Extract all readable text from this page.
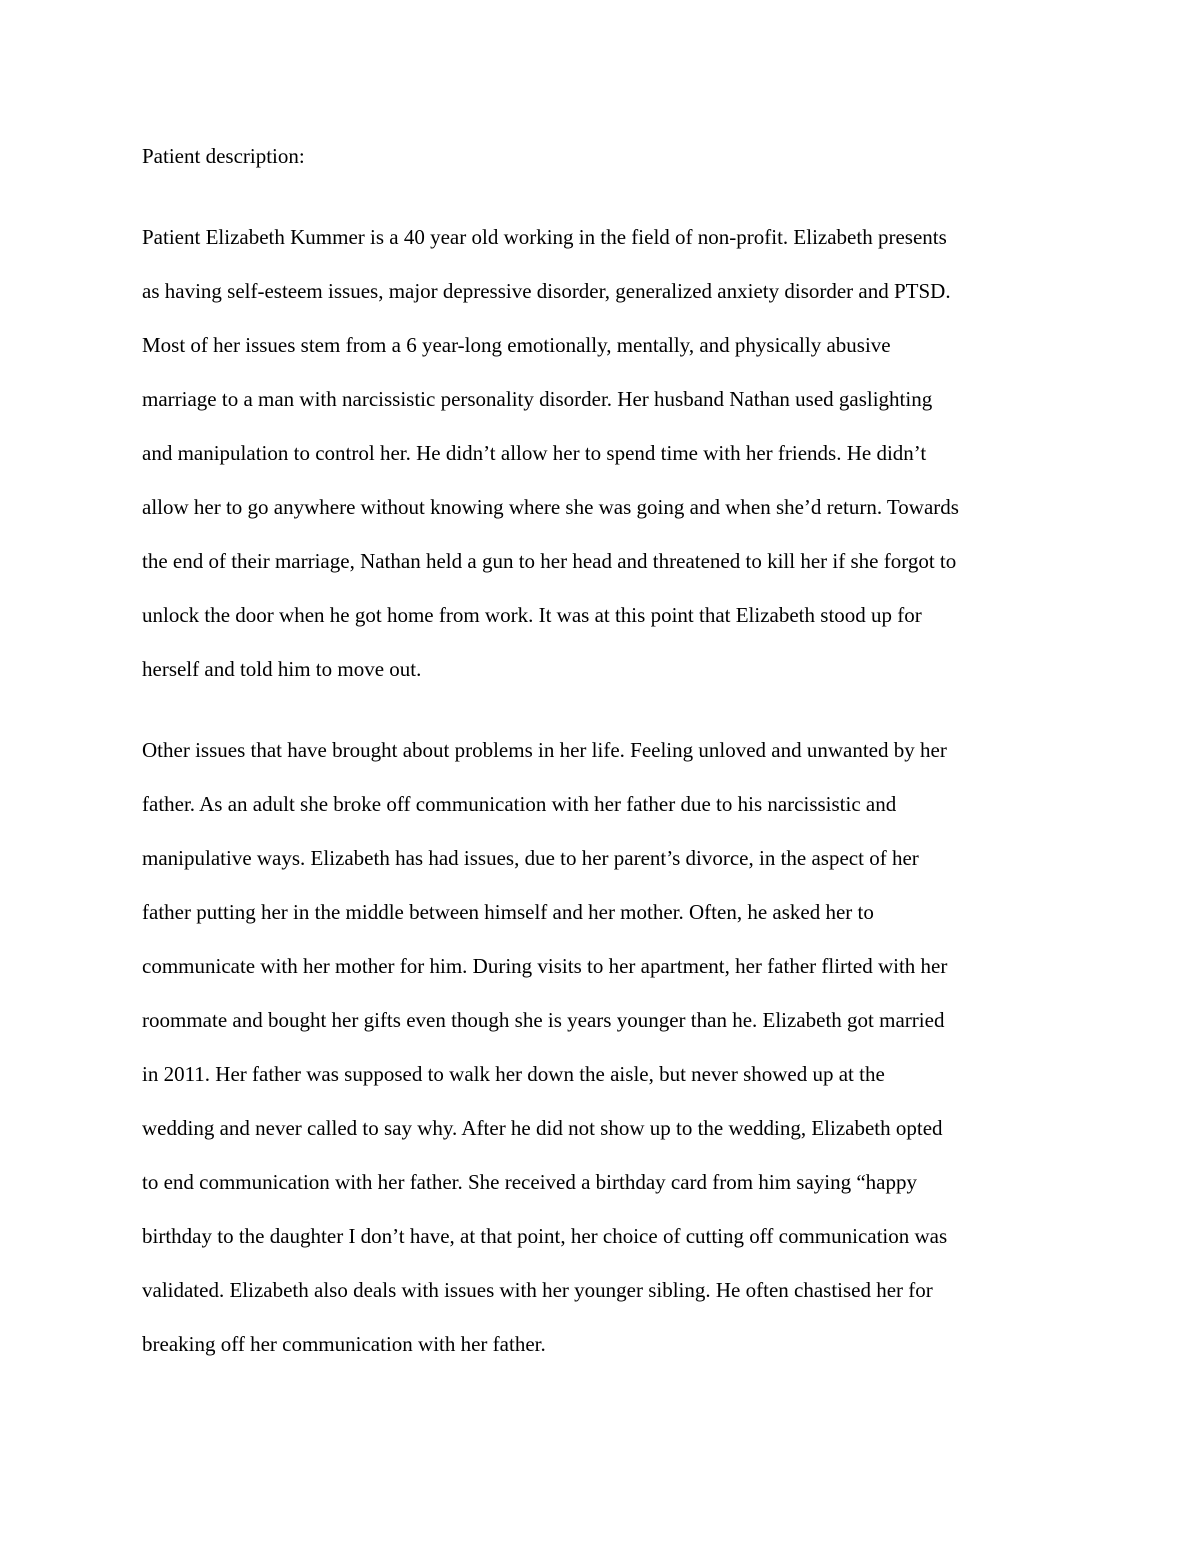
Patient description:
Patient Elizabeth Kummer is a 40 year old working in the field of non-profit. Elizabeth presents
as having self-esteem issues, major depressive disorder, generalized anxiety disorder and PTSD.
Most of her issues stem from a 6 year-long emotionally, mentally, and physically abusive
marriage to a man with narcissistic personality disorder. Her husband Nathan used gaslighting
and manipulation to control her. He didn’t allow her to spend time with her friends. He didn’t
allow her to go anywhere without knowing where she was going and when she’d return. Towards
the end of their marriage, Nathan held a gun to her head and threatened to kill her if she forgot to
unlock the door when he got home from work. It was at this point that Elizabeth stood up for
herself and told him to move out.
Other issues that have brought about problems in her life. Feeling unloved and unwanted by her
father. As an adult she broke off communication with her father due to his narcissistic and
manipulative ways. Elizabeth has had issues, due to her parent’s divorce, in the aspect of her
father putting her in the middle between himself and her mother. Often, he asked her to
communicate with her mother for him. During visits to her apartment, her father flirted with her
roommate and bought her gifts even though she is years younger than he. Elizabeth got married
in 2011. Her father was supposed to walk her down the aisle, but never showed up at the
wedding and never called to say why. After he did not show up to the wedding, Elizabeth opted
to end communication with her father. She received a birthday card from him saying “happy
birthday to the daughter I don’t have, at that point, her choice of cutting off communication was
validated. Elizabeth also deals with issues with her younger sibling. He often chastised her for
breaking off her communication with her father.
